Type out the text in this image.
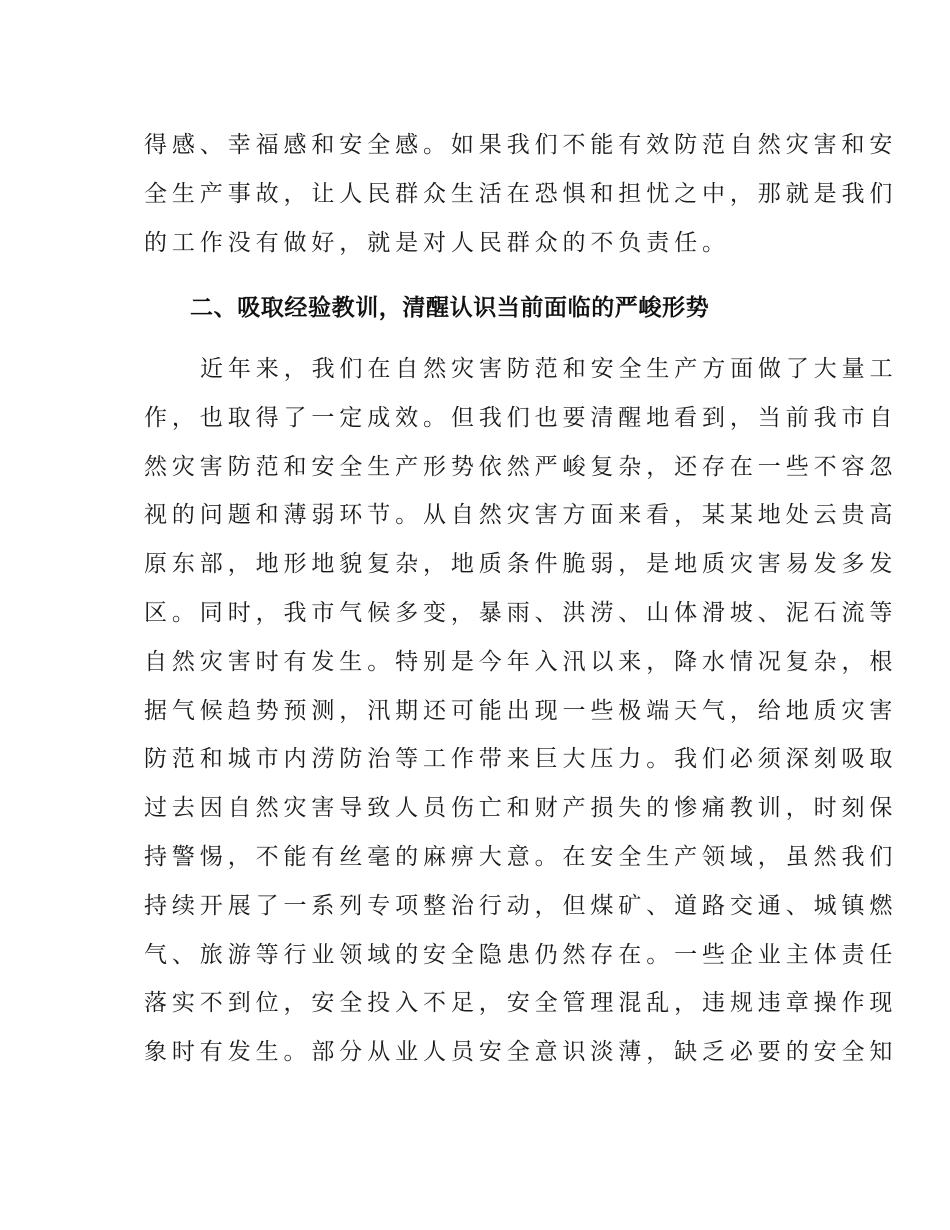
得感、幸福感和安全感。如果我们不能有效防范自然灾害和安
全生产事故，让人民群众生活在恐惧和担忧之中，那就是我们
的工作没有做好，就是对人民群众的不负责任。
二、吸取经验教训，清醒认识当前面临的严峻形势
近年来，我们在自然灾害防范和安全生产方面做了大量工
作，也取得了一定成效。但我们也要清醒地看到，当前我市自
然灾害防范和安全生产形势依然严峻复杂，还存在一些不容忽
视的问题和薄弱环节。从自然灾害方面来看，某某地处云贵高
原东部，地形地貌复杂，地质条件脆弱，是地质灾害易发多发
区。同时，我市气候多变，暴雨、洪涝、山体滑坡、泥石流等
自然灾害时有发生。特别是今年入汛以来，降水情况复杂，根
据气候趋势预测，汛期还可能出现一些极端天气，给地质灾害
防范和城市内涝防治等工作带来巨大压力。我们必须深刻吸取
过去因自然灾害导致人员伤亡和财产损失的惨痛教训，时刻保
持警惕，不能有丝毫的麻痹大意。在安全生产领域，虽然我们
持续开展了一系列专项整治行动，但煤矿、道路交通、城镇燃
气、旅游等行业领域的安全隐患仍然存在。一些企业主体责任
落实不到位，安全投入不足，安全管理混乱，违规违章操作现
象时有发生。部分从业人员安全意识淡薄，缺乏必要的安全知
